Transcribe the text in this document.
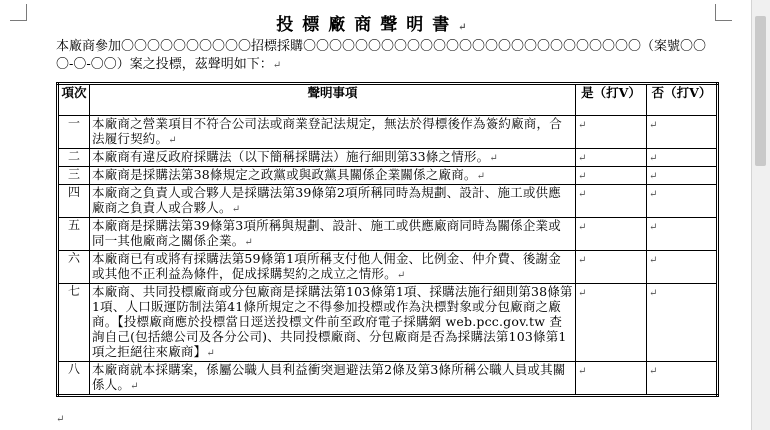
投標廠商聲明書↵
本廠商參加〇〇〇〇〇〇〇〇〇〇招標採購〇〇〇〇〇〇〇〇〇〇〇〇〇〇〇〇〇〇〇〇〇〇〇〇〇〇（案號〇〇〇-〇-〇〇）案之投標，茲聲明如下：↵
項次	聲明事項	是（打V）	否（打V）
一	本廠商之營業項目不符合公司法或商業登記法規定，無法於得標後作為簽約廠商，合法履行契約。↵	↵	↵
二	本廠商有違反政府採購法（以下簡稱採購法）施行細則第33條之情形。↵	↵	↵
三	本廠商是採購法第38條規定之政黨或與政黨具關係企業關係之廠商。↵	↵	↵
四	本廠商之負責人或合夥人是採購法第39條第2項所稱同時為規劃、設計、施工或供應廠商之負責人或合夥人。↵	↵	↵
五	本廠商是採購法第39條第3項所稱與規劃、設計、施工或供應廠商同時為關係企業或同一其他廠商之關係企業。↵	↵	↵
六	本廠商已有或將有採購法第59條第1項所稱支付他人佣金、比例金、仲介費、後謝金或其他不正利益為條件，促成採購契約之成立之情形。↵	↵	↵
七	本廠商、共同投標廠商或分包廠商是採購法第103條第1項、採購法施行細則第38條第1項、人口販運防制法第41條所規定之不得參加投標或作為決標對象或分包廠商之廠商。【投標廠商應於投標當日逕送投標文件前至政府電子採購網 web.pcc.gov.tw 查詢自己(包括總公司及各分公司)、共同投標廠商、分包廠商是否為採購法第103條第1項之拒絕往來廠商】↵	↵	↵
八	本廠商就本採購案，係屬公職人員利益衝突迴避法第2條及第3條所稱公職人員或其關係人。↵	↵	↵
↵
